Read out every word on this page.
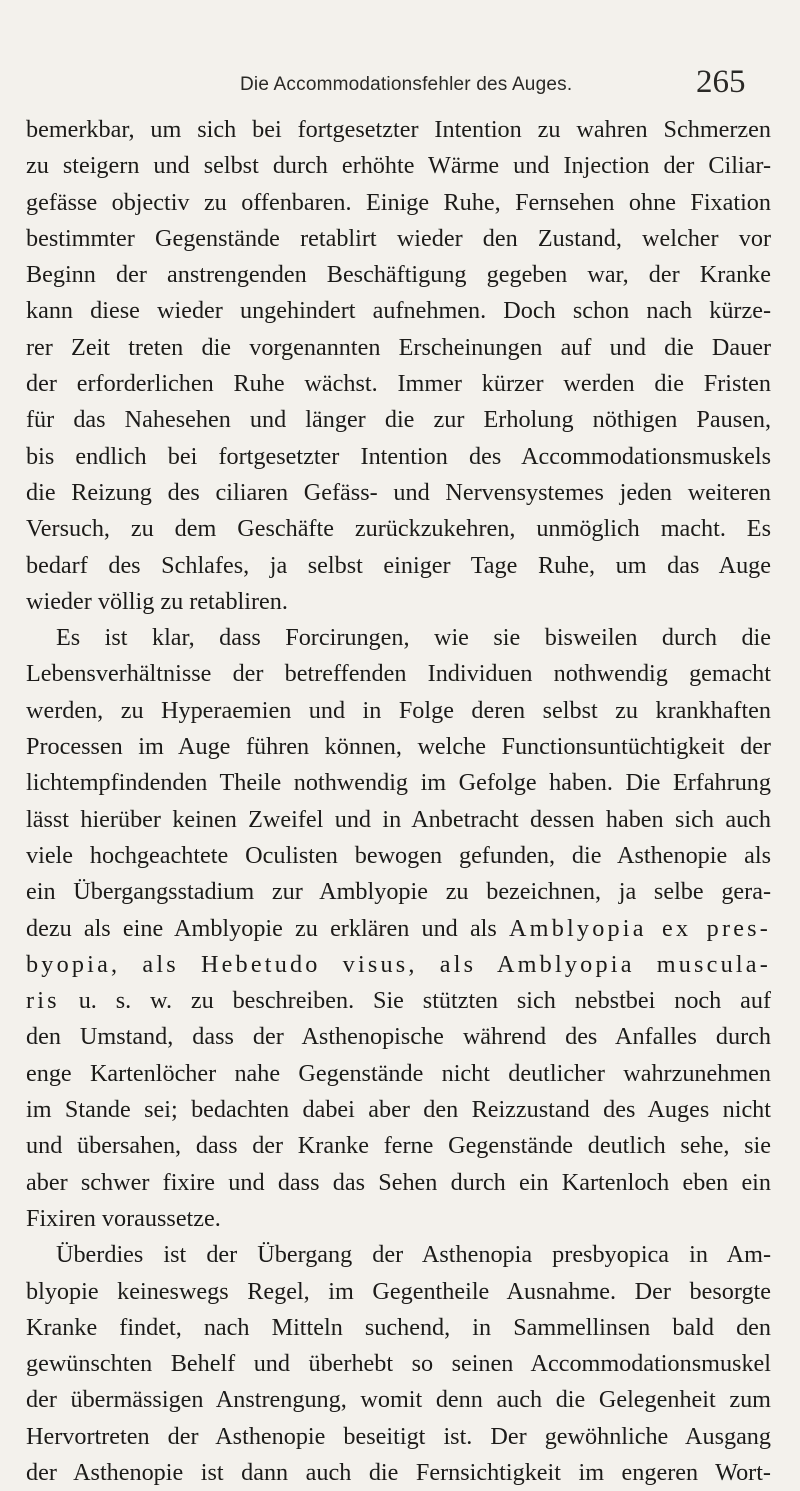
Die Accommodationsfehler des Auges.	265
bemerkbar, um sich bei fortgesetzter Intention zu wahren Schmerzen
zu steigern und selbst durch erhöhte Wärme und Injection der Ciliar-
gefässe objectiv zu offenbaren. Einige Ruhe, Fernsehen ohne Fixation
bestimmter Gegenstände retablirt wieder den Zustand, welcher vor
Beginn der anstrengenden Beschäftigung gegeben war, der Kranke
kann diese wieder ungehindert aufnehmen. Doch schon nach kürze-
rer Zeit treten die vorgenannten Erscheinungen auf und die Dauer
der erforderlichen Ruhe wächst. Immer kürzer werden die Fristen
für das Nahesehen und länger die zur Erholung nöthigen Pausen,
bis endlich bei fortgesetzter Intention des Accommodationsmuskels
die Reizung des ciliaren Gefäss- und Nervensystemes jeden weiteren
Versuch, zu dem Geschäfte zurückzukehren, unmöglich macht. Es
bedarf des Schlafes, ja selbst einiger Tage Ruhe, um das Auge
wieder völlig zu retabliren.
Es ist klar, dass Forcirungen, wie sie bisweilen durch die
Lebensverhältnisse der betreffenden Individuen nothwendig gemacht
werden, zu Hyperaemien und in Folge deren selbst zu krankhaften
Processen im Auge führen können, welche Functionsuntüchtigkeit der
lichtempfindenden Theile nothwendig im Gefolge haben. Die Erfahrung
lässt hierüber keinen Zweifel und in Anbetracht dessen haben sich auch
viele hochgeachtete Oculisten bewogen gefunden, die Asthenopie als
ein Übergangsstadium zur Amblyopie zu bezeichnen, ja selbe gera-
dezu als eine Amblyopie zu erklären und als Amblyopia ex pres-
byopia, als Hebetudo visus, als Amblyopia muscula-
ris u. s. w. zu beschreiben. Sie stützten sich nebstbei noch auf
den Umstand, dass der Asthenopische während des Anfalles durch
enge Kartenlöcher nahe Gegenstände nicht deutlicher wahrzunehmen
im Stande sei; bedachten dabei aber den Reizzustand des Auges nicht
und übersahen, dass der Kranke ferne Gegenstände deutlich sehe, sie
aber schwer fixire und dass das Sehen durch ein Kartenloch eben ein
Fixiren voraussetze.
Überdies ist der Übergang der Asthenopia presbyopica in Am-
blyopie keineswegs Regel, im Gegentheile Ausnahme. Der besorgte
Kranke findet, nach Mitteln suchend, in Sammellinsen bald den
gewünschten Behelf und überhebt so seinen Accommodationsmuskel
der übermässigen Anstrengung, womit denn auch die Gelegenheit zum
Hervortreten der Asthenopie beseitigt ist. Der gewöhnliche Ausgang
der Asthenopie ist dann auch die Fernsichtigkeit im engeren Wort-
